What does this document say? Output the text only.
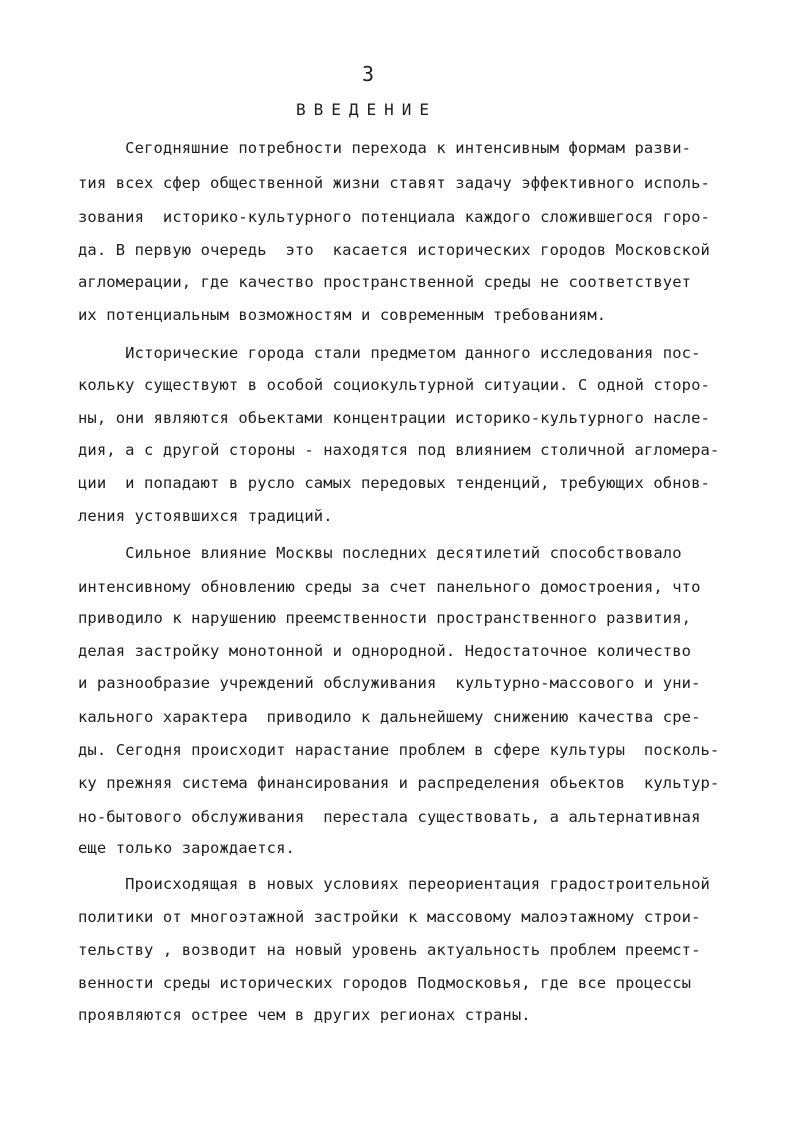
3
ВВЕДЕНИЕ
Сегодняшние потребности перехода к интенсивным формам разви-
тия всех сфер общественной жизни ставят задачу эффективного исполь-
зования  историко-культурного потенциала каждого сложившегося горо-
да. В первую очередь  это  касается исторических городов Московской
агломерации, где качество пространственной среды не соответствует
их потенциальным возможностям и современным требованиям.
Исторические города стали предметом данного исследования пос-
кольку существуют в особой социокультурной ситуации. С одной сторо-
ны, они являются обьектами концентрации историко-культурного насле-
дия, а с другой стороны - находятся под влиянием столичной агломера-
ции  и попадают в русло самых передовых тенденций, требующих обнов-
ления устоявшихся традиций.
Сильное влияние Москвы последних десятилетий способствовало
интенсивному обновлению среды за счет панельного домостроения, что
приводило к нарушению преемственности пространственного развития,
делая застройку монотонной и однородной. Недостаточное количество
и разнообразие учреждений обслуживания  культурно-массового и уни-
кального характера  приводило к дальнейшему снижению качества сре-
ды. Сегодня происходит нарастание проблем в сфере культуры  посколь-
ку прежняя система финансирования и распределения обьектов  культур-
но-бытового обслуживания  перестала существовать, а альтернативная
еще только зарождается.
Происходящая в новых условиях переориентация градостроительной
политики от многоэтажной застройки к массовому малоэтажному строи-
тельству , возводит на новый уровень актуальность проблем преемст-
венности среды исторических городов Подмосковья, где все процессы
проявляются острее чем в других регионах страны.
